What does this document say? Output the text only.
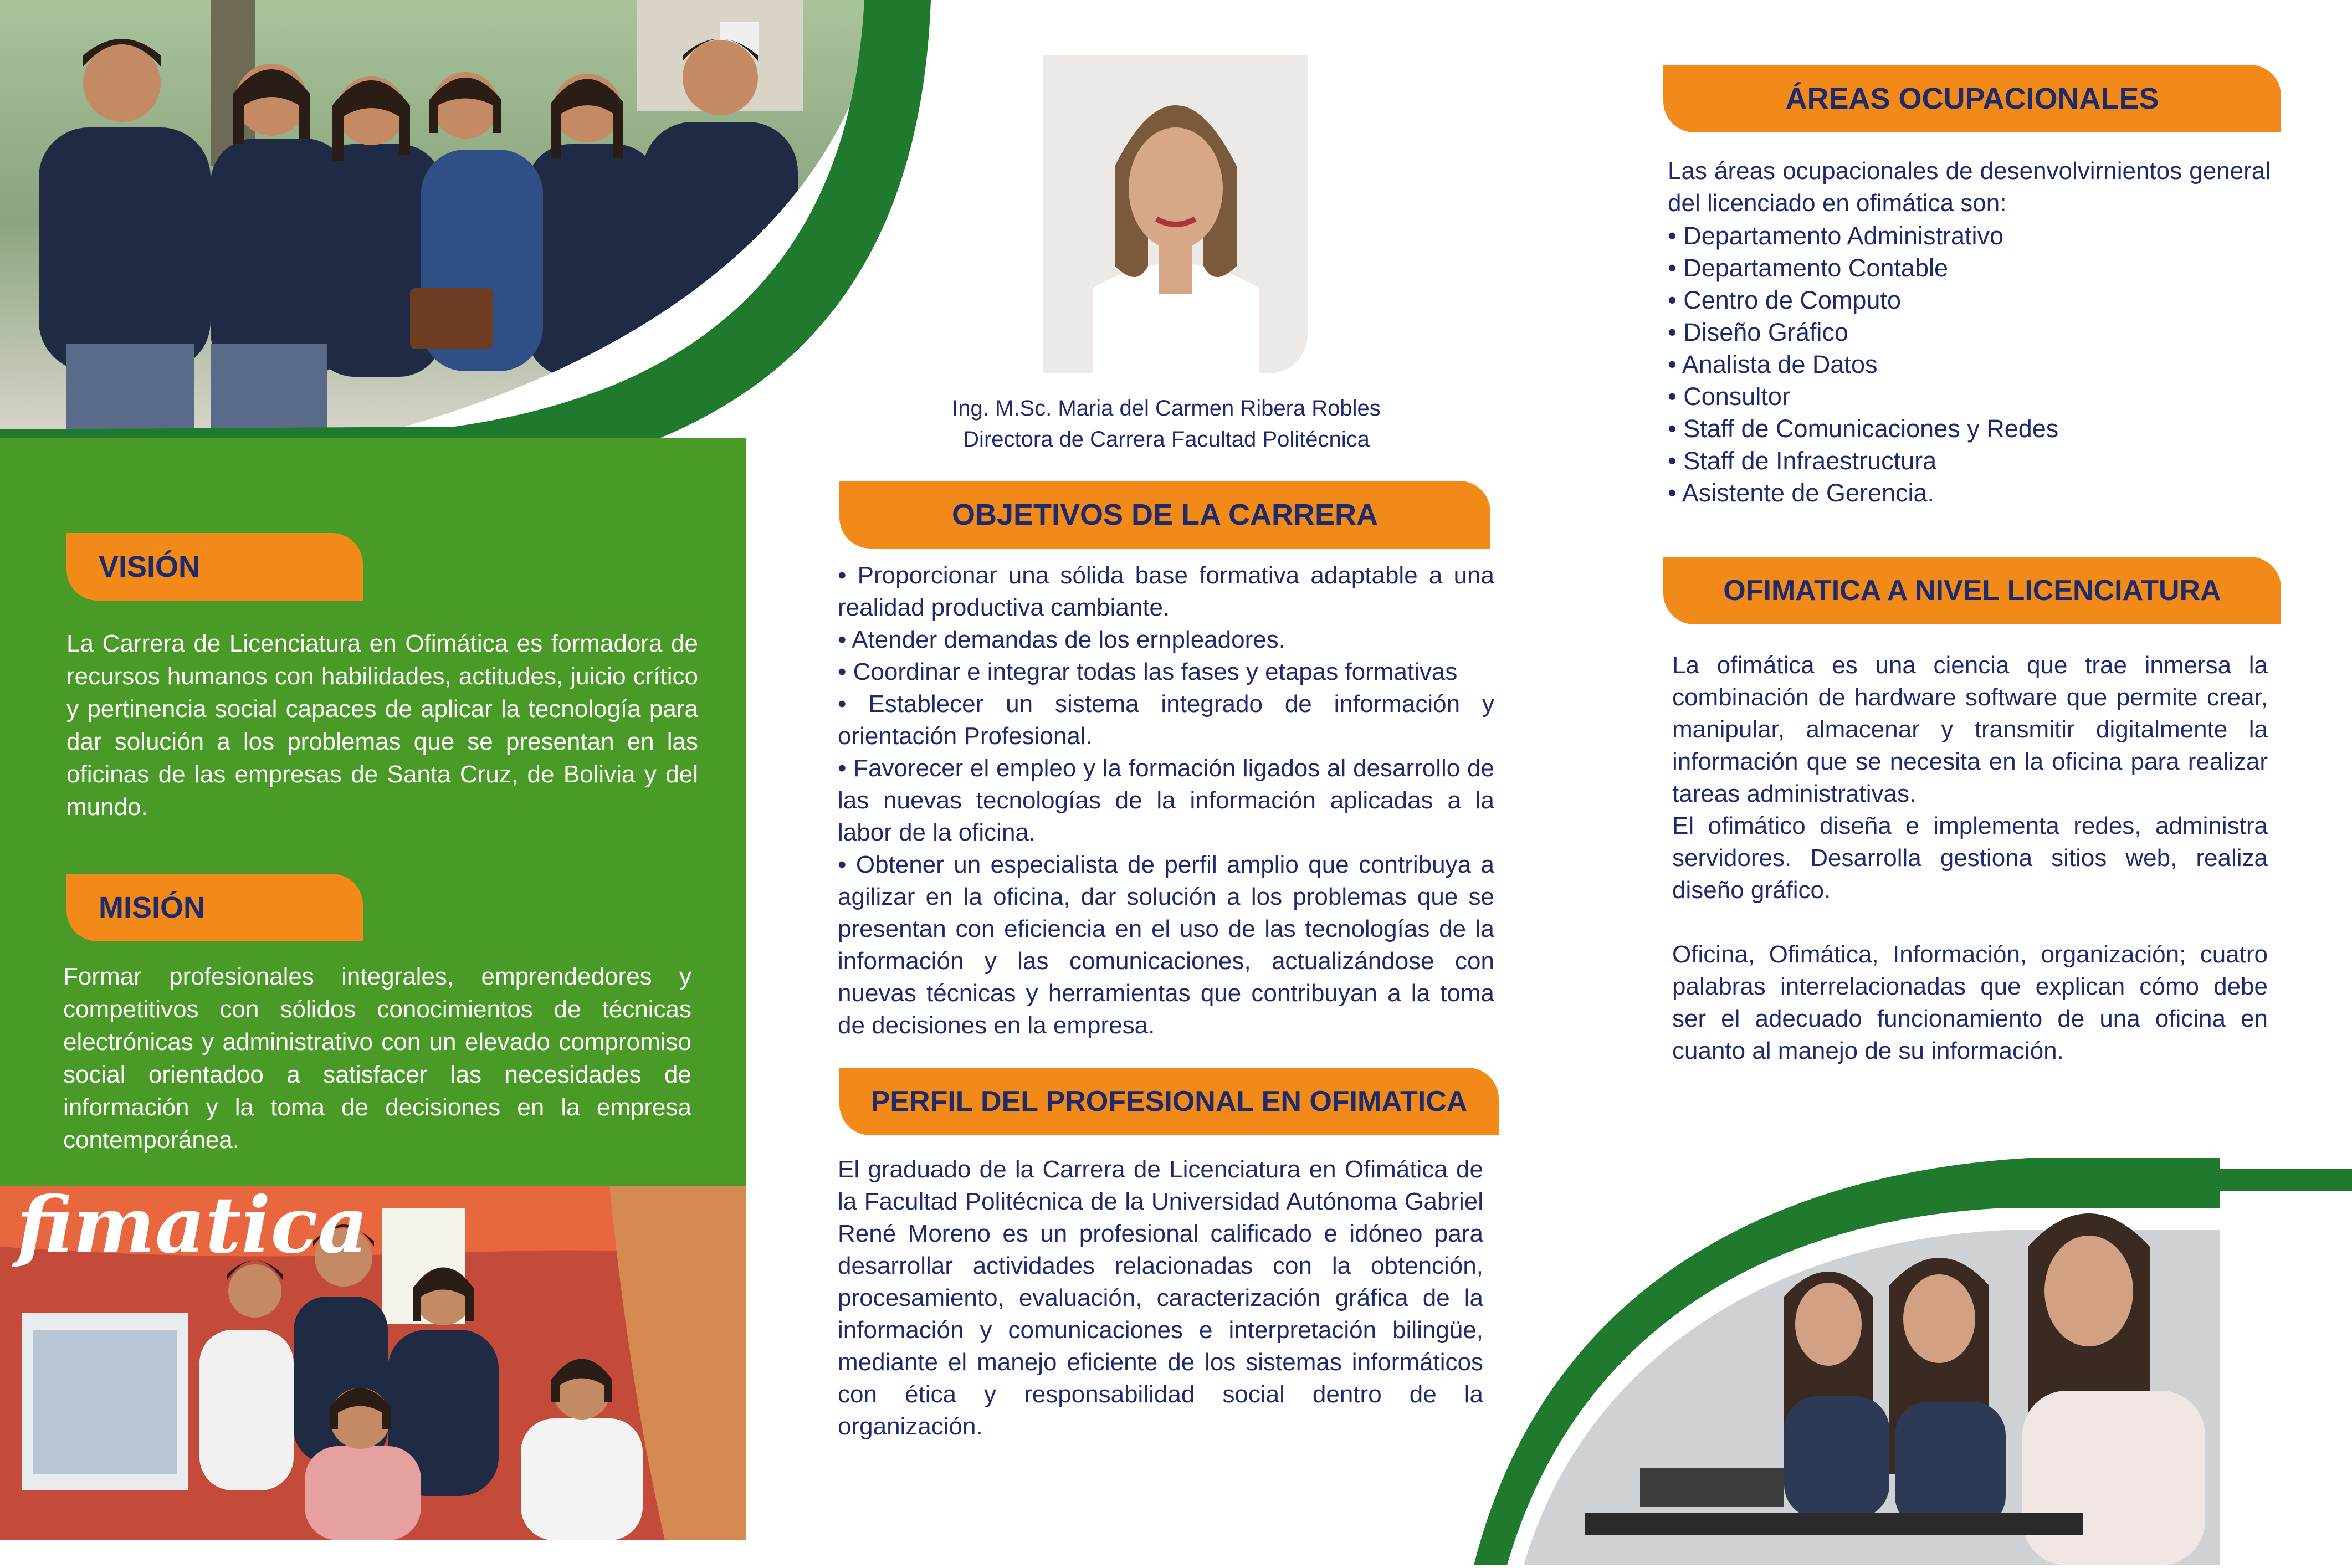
VISIÓN

La Carrera de Licenciatura en Ofimática es formadora de recursos humanos con habilidades, actitudes, juicio crítico y pertinencia social capaces de aplicar la tecnología para dar solución a los problemas que se presentan en las oficinas de las empresas de Santa Cruz, de Bolivia y del mundo.

MISIÓN

Formar profesionales integrales, emprendedores y competitivos con sólidos conocimientos de técnicas electrónicas y administrativo con un elevado compromiso social orientadoo a satisfacer las necesidades de información y la toma de decisiones en la empresa contemporánea.

fimatica
Ing. M.Sc. Maria del Carmen Ribera Robles
Directora de Carrera Facultad Politécnica
OBJETIVOS DE LA CARRERA

• Proporcionar una sólida base formativa adaptable a una realidad productiva cambiante.

• Atender demandas de los ernpleadores.

• Coordinar e integrar todas las fases y etapas formativas

• Establecer un sistema integrado de información y orientación Profesional.

• Favorecer el empleo y la formación ligados al desarrollo de las nuevas tecnologías de la información aplicadas a la labor de la oficina.

• Obtener un especialista de perfil amplio que contribuya a agilizar en la oficina, dar solución a los problemas que se presentan con eficiencia en el uso de las tecnologías de la información y las comunicaciones, actualizándose con nuevas técnicas y herramientas que contribuyan a la toma de decisiones en la empresa.

PERFIL DEL PROFESIONAL EN OFIMATICA

El graduado de la Carrera de Licenciatura en Ofimática de la Facultad Politécnica de la Universidad Autónoma Gabriel René Moreno es un profesional calificado e idóneo para desarrollar actividades relacionadas con la obtención, procesamiento, evaluación, caracterización gráfica de la información y comunicaciones e interpretación bilingüe, mediante el manejo eficiente de los sistemas informáticos con ética y responsabilidad social dentro de la organización.

ÁREAS OCUPACIONALES

Las áreas ocupacionales de desenvolvirnientos general del licenciado en ofimática son:

• Departamento Administrativo
• Departamento Contable
• Centro de Computo
• Diseño Gráfico
• Analista de Datos
• Consultor
• Staff de Comunicaciones y Redes
• Staff de Infraestructura
• Asistente de Gerencia.
OFIMATICA A NIVEL LICENCIATURA

La ofimática es una ciencia que trae inmersa la combinación de hardware software que permite crear, manipular, almacenar y transmitir digitalmente la información que se necesita en la oficina para realizar tareas administrativas.

El ofimático diseña e implementa redes, administra servidores. Desarrolla gestiona sitios web, realiza diseño gráfico.

Oficina, Ofimática, Información, organización; cuatro palabras interrelacionadas que explican cómo debe ser el adecuado funcionamiento de una oficina en cuanto al manejo de su información.
